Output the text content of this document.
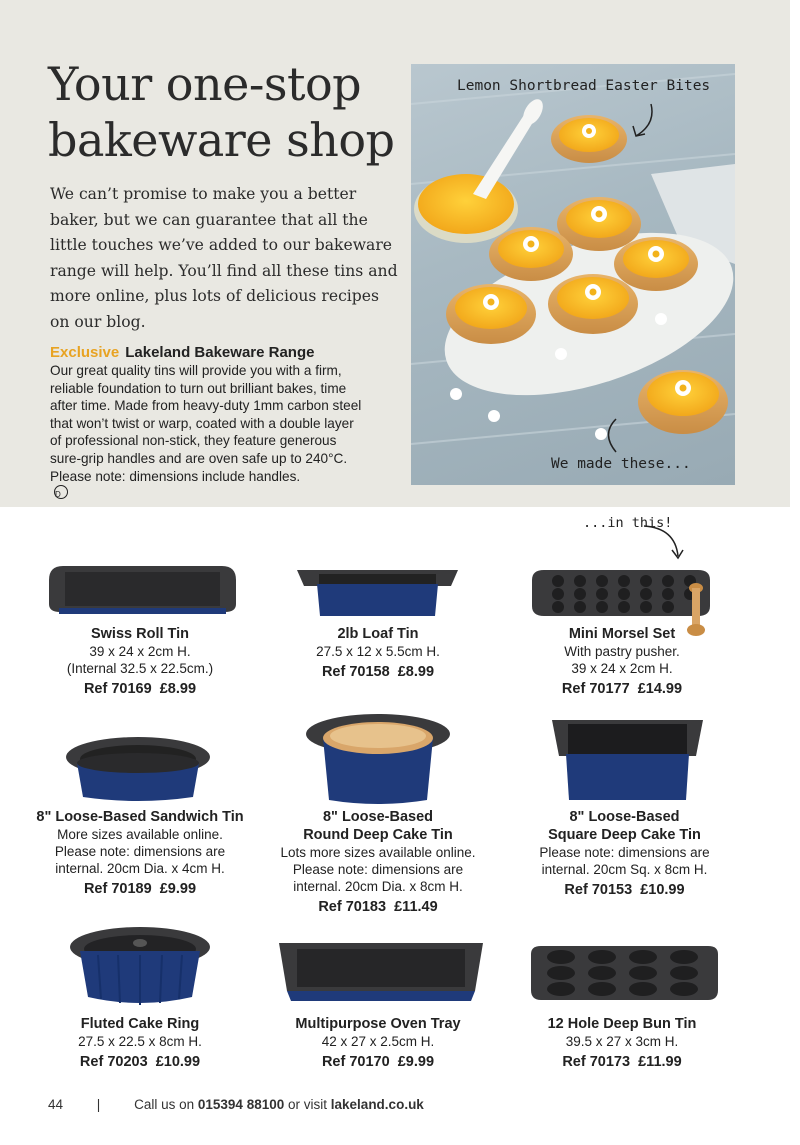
Your one-stop
bakeware shop
We can’t promise to make you a better
baker, but we can guarantee that all the
little touches we’ve added to our bakeware
range will help. You’ll find all these tins and
more online, plus lots of delicious recipes
on our blog.
Exclusive Lakeland Bakeware Range
Our great quality tins will provide you with a firm,
reliable foundation to turn out brilliant bakes, time
after time. Made from heavy-duty 1mm carbon steel
that won’t twist or warp, coated with a double layer
of professional non-stick, they feature generous
sure-grip handles and are oven safe up to 240°C.
Please note: dimensions include handles.
D
Lemon Shortbread Easter Bites
We made these...
...in this!
Swiss Roll Tin
39 x 24 x 2cm H.
(Internal 32.5 x 22.5cm.)
Ref 70169 £8.99
2lb Loaf Tin
27.5 x 12 x 5.5cm H.
Ref 70158 £8.99
Mini Morsel Set
With pastry pusher.
39 x 24 x 2cm H.
Ref 70177 £14.99
8" Loose-Based Sandwich Tin
More sizes available online.
Please note: dimensions are
internal. 20cm Dia. x 4cm H.
Ref 70189 £9.99
8" Loose-Based
Round Deep Cake Tin
Lots more sizes available online.
Please note: dimensions are
internal. 20cm Dia. x 8cm H.
Ref 70183 £11.49
8" Loose-Based
Square Deep Cake Tin
Please note: dimensions are
internal. 20cm Sq. x 8cm H.
Ref 70153 £10.99
Fluted Cake Ring
27.5 x 22.5 x 8cm H.
Ref 70203 £10.99
Multipurpose Oven Tray
42 x 27 x 2.5cm H.
Ref 70170 £9.99
12 Hole Deep Bun Tin
39.5 x 27 x 3cm H.
Ref 70173 £11.99
44	|	Call us on 015394 88100 or visit lakeland.co.uk
